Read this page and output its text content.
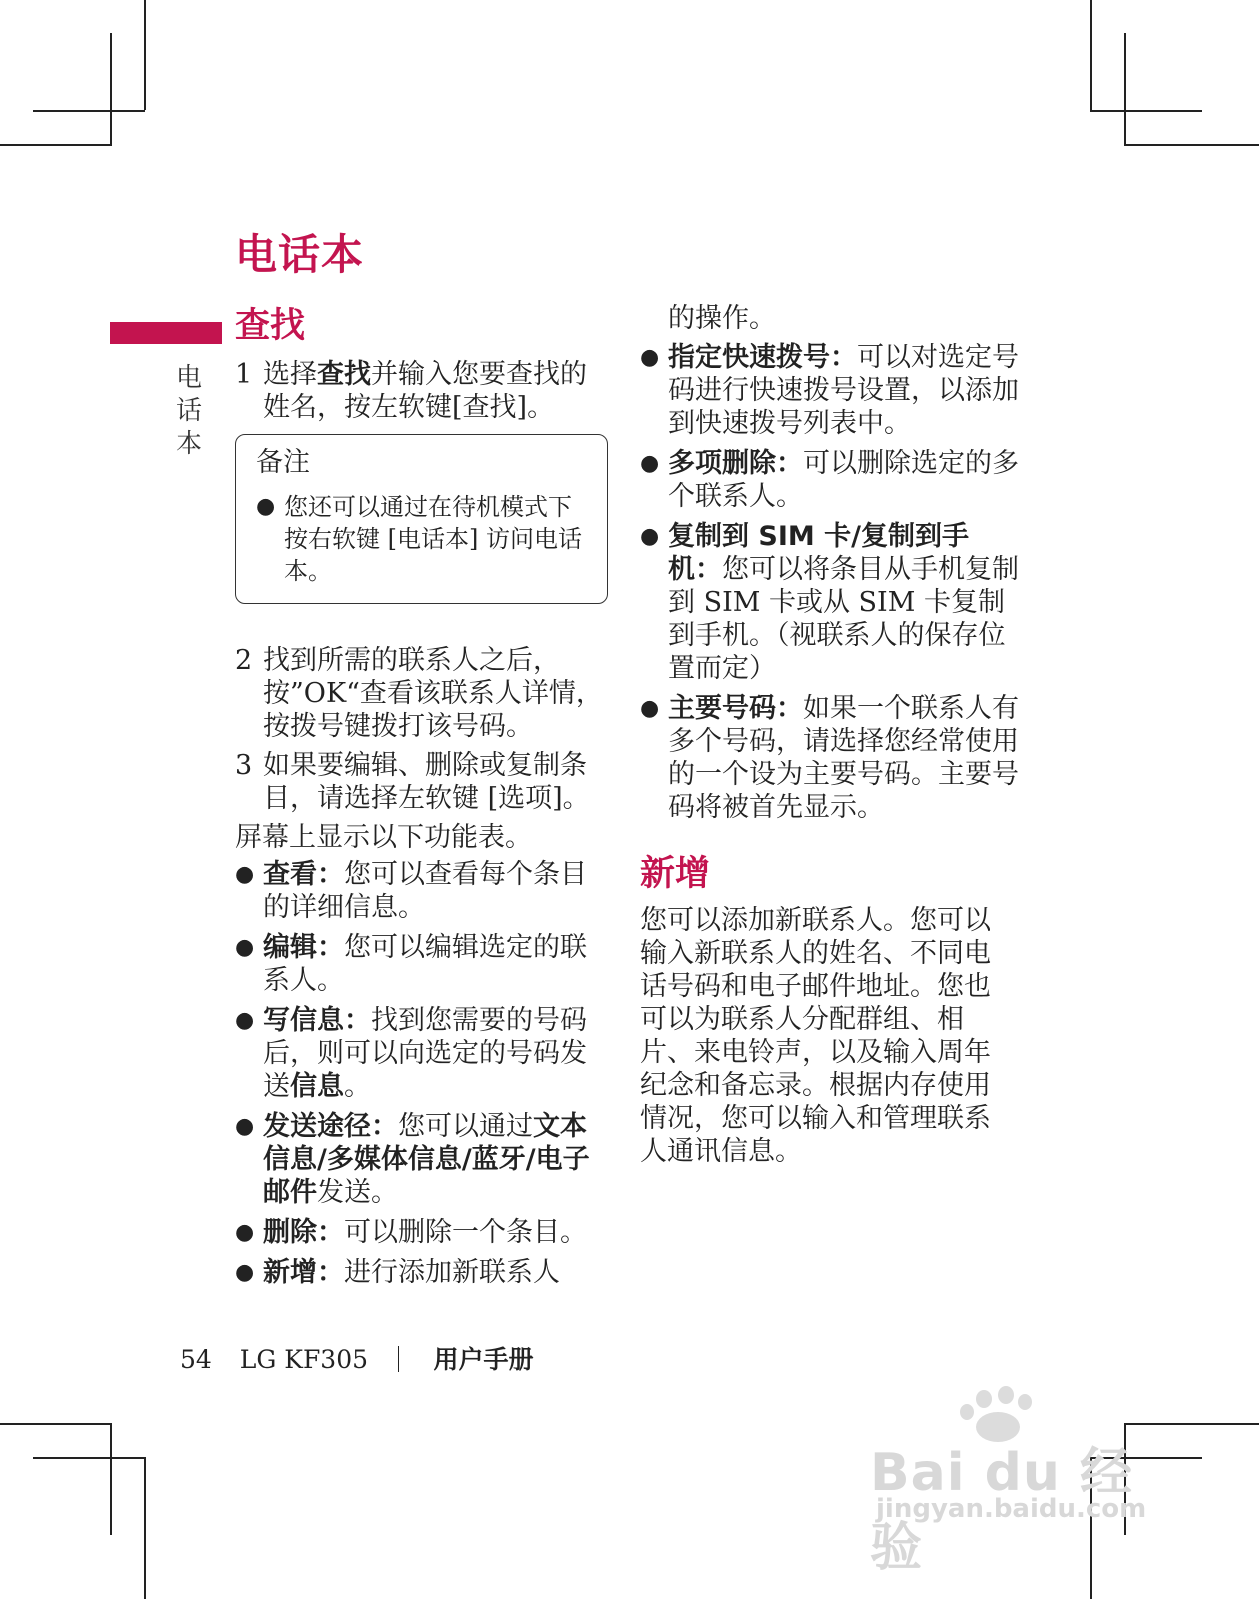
电话本
电
话
本
查找
1 选择查找并输入您要查找的姓名，按左软键[查找]。
备注
● 您还可以通过在待机模式下按右软键 [电话本] 访问电话本。
2 找到所需的联系人之后，按”OK“查看该联系人详情，按拨号键拨打该号码。
3 如果要编辑、删除或复制条目，请选择左软键 [选项]。

屏幕上显示以下功能表。

● 查看：您可以查看每个条目的详细信息。
● 编辑：您可以编辑选定的联系人。
● 写信息：找到您需要的号码后，则可以向选定的号码发送信息。
● 发送途径：您可以通过文本信息/多媒体信息/蓝牙/电子邮件发送。
● 删除：可以删除一个条目。
● 新增：进行添加新联系人

的操作。

● 指定快速拨号：可以对选定号码进行快速拨号设置，以添加到快速拨号列表中。
● 多项删除：可以删除选定的多个联系人。
● 复制到 SIM 卡/复制到手机：您可以将条目从手机复制到 SIM 卡或从 SIM 卡复制到手机。（视联系人的保存位置而定）
● 主要号码：如果一个联系人有多个号码，请选择您经常使用的一个设为主要号码。主要号码将被首先显示。
新增

您可以添加新联系人。您可以输入新联系人的姓名、不同电话号码和电子邮件地址。您也可以为联系人分配群组、相片、来电铃声，以及输入周年纪念和备忘录。根据内存使用情况，您可以输入和管理联系人通讯信息。

54 LG KF305	用户手册
Bai du 经验
jingyan.baidu.com
